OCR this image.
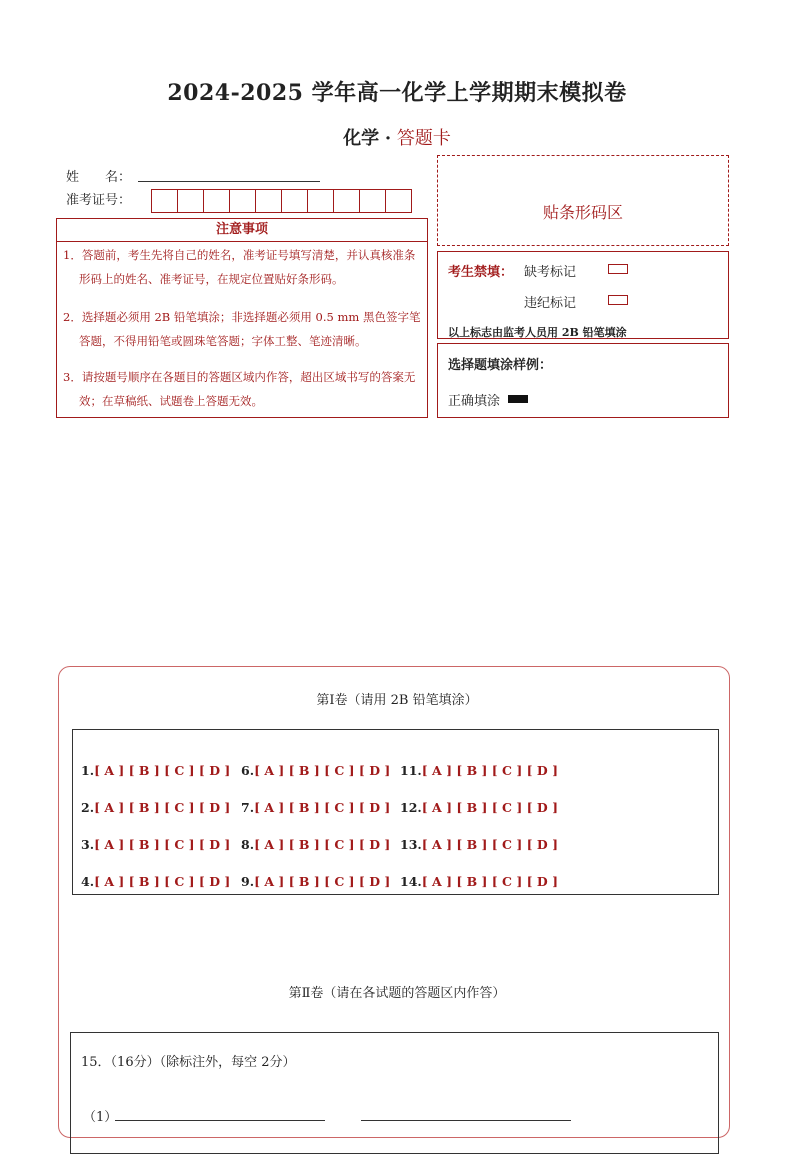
2024-2025 学年高一化学上学期期末模拟卷
化学 · 答题卡
姓　　名：
准考证号：
贴条形码区
注意事项
1．答题前，考生先将自己的姓名，准考证号填写清楚，并认真核准条形码上的姓名、准考证号，在规定位置贴好条形码。
2．选择题必须用 2B 铅笔填涂；非选择题必须用 0.5 mm 黑色签字笔答题，不得用铅笔或圆珠笔答题；字体工整、笔迹清晰。
3．请按题号顺序在各题目的答题区域内作答，超出区域书写的答案无效；在草稿纸、试题卷上答题无效。
考生禁填： 缺考标记
违纪标记
以上标志由监考人员用 2B 铅笔填涂
选择题填涂样例：
正确填涂
第Ⅰ卷（请用 2B 铅笔填涂）
1.[ A ] [ B ] [ C ] [ D ]
2.[ A ] [ B ] [ C ] [ D ]
3.[ A ] [ B ] [ C ] [ D ]
4.[ A ] [ B ] [ C ] [ D ]
6.[ A ] [ B ] [ C ] [ D ]
7.[ A ] [ B ] [ C ] [ D ]
8.[ A ] [ B ] [ C ] [ D ]
9.[ A ] [ B ] [ C ] [ D ]
11.[ A ] [ B ] [ C ] [ D ]
12.[ A ] [ B ] [ C ] [ D ]
13.[ A ] [ B ] [ C ] [ D ]
14.[ A ] [ B ] [ C ] [ D ]
第Ⅱ卷（请在各试题的答题区内作答）
15．（16分）（除标注外，每空 2分）
（1）
